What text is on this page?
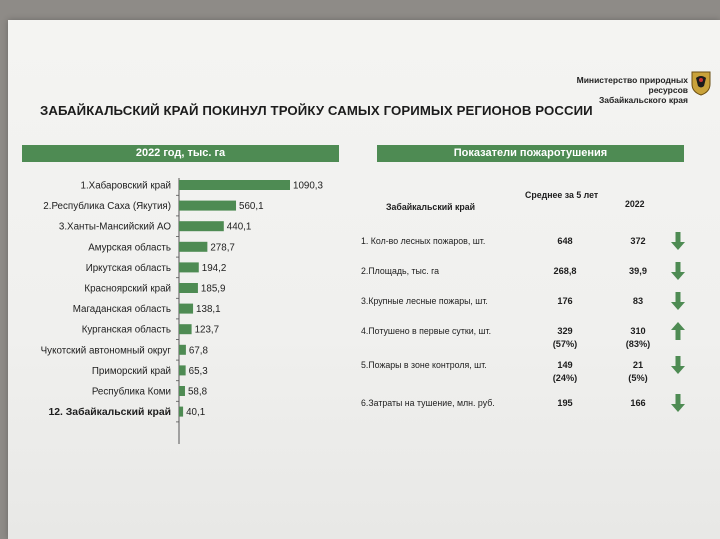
Министерство природных ресурсов
Забайкальского края
ЗАБАЙКАЛЬСКИЙ КРАЙ ПОКИНУЛ ТРОЙКУ САМЫХ ГОРИМЫХ РЕГИОНОВ РОССИИ
2022 год, тыс. га	Показатели пожаротушения
1.Хабаровский край	1090,3
2.Республика Саха (Якутия)	560,1
3.Ханты-Мансийский АО	440,1
Амурская область	278,7
Иркутская область	194,2
Красноярский край	185,9
Магаданская область	138,1
Курганская область 123,7
Чукотский автономный округ 67,8
Приморский край 65,3
Республика Коми 58,8
12. Забайкальский край 40,1
Забайкальский край
Среднее за 5 лет
2022
1. Кол-во лесных пожаров, шт.	648	372
2.Площадь, тыс. га	268,8	39,9
3.Крупные лесные пожары, шт.	176	83
4.Потушено в первые сутки, шт.	329	310
(57%)	(83%)
5.Пожары в зоне контроля, шт.	149	21
(24%)	(5%)
6.Затраты на тушение, млн. руб.	195	166
